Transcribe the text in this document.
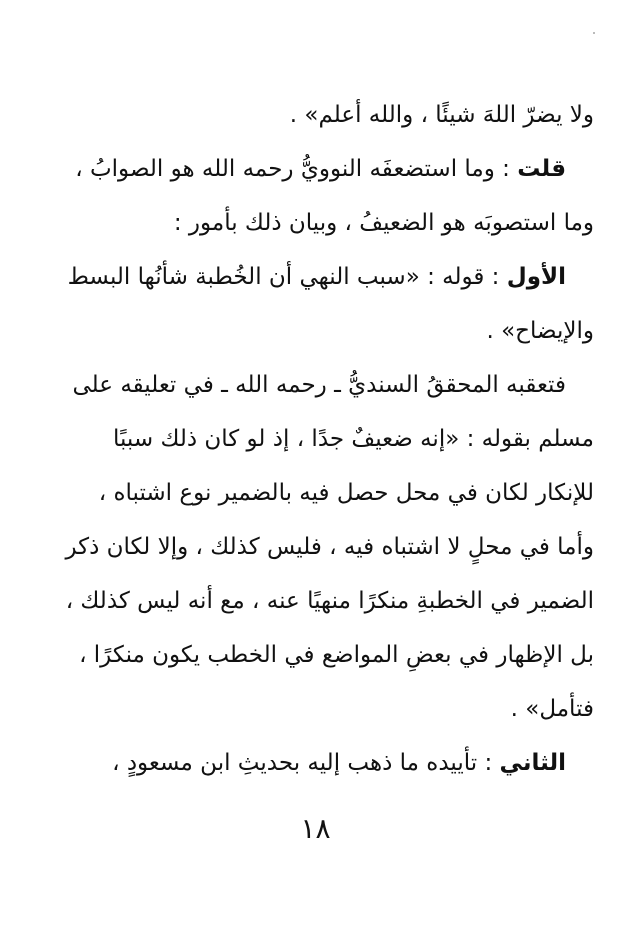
ولا يضرّ اللهَ شيئًا ، والله أعلم» .
قلت : وما استضعفَه النوويُّ رحمه الله هو الصوابُ ،
وما استصوبَه هو الضعيفُ ، وبيان ذلك بأمور :
الأول : قوله : «سبب النهي أن الخُطبة شأنُها البسط
والإيضاح» .
فتعقبه المحققُ السنديُّ ـ رحمه الله ـ في تعليقه على
مسلم بقوله : «إنه ضعيفٌ جدًا ، إذ لو كان ذلك سببًا
للإنكار لكان في محل حصل فيه بالضمير نوع اشتباه ،
وأما في محلٍ لا اشتباه فيه ، فليس كذلك ، وإلا لكان ذكر
الضمير في الخطبةِ منكرًا منهيًا عنه ، مع أنه ليس كذلك ،
بل الإظهار في بعضِ المواضع في الخطب يكون منكرًا ،
فتأمل» .
الثاني : تأييده ما ذهب إليه بحديثِ ابن مسعودٍ ،
١٨
